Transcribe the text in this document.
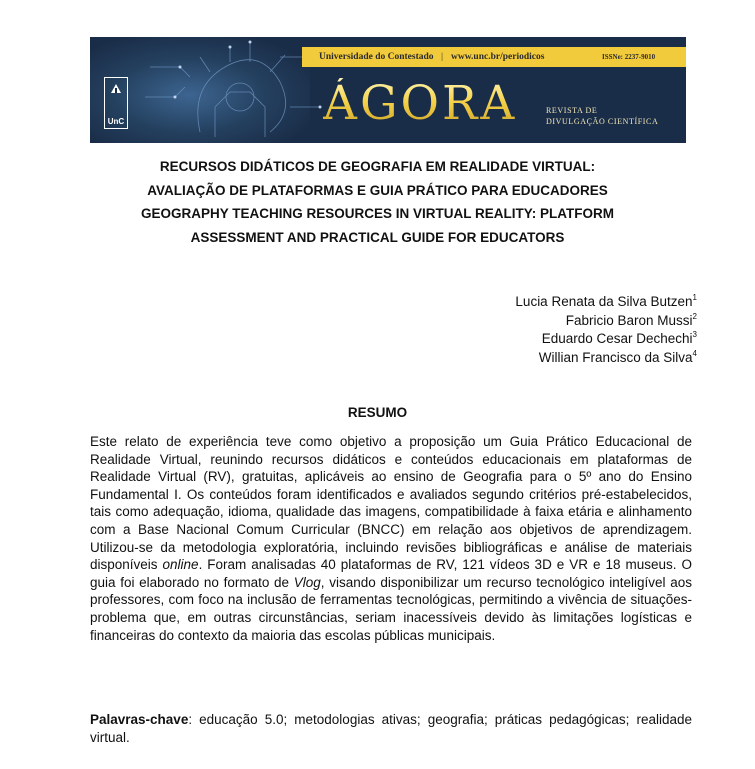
UnC
Universidade do Contestado | www.unc.br/periodicos	ISSNe: 2237-9010
ÁGORA	REVISTA DE
DIVULGAÇÃO CIENTÍFICA
RECURSOS DIDÁTICOS DE GEOGRAFIA EM REALIDADE VIRTUAL:
AVALIAÇÃO DE PLATAFORMAS E GUIA PRÁTICO PARA EDUCADORES
GEOGRAPHY TEACHING RESOURCES IN VIRTUAL REALITY: PLATFORM
ASSESSMENT AND PRACTICAL GUIDE FOR EDUCATORS
Lucia Renata da Silva Butzen$^1$
Fabricio Baron Mussi$^2$
Eduardo Cesar Dechechi$^3$
Willian Francisco da Silva$^4$
RESUMO

Este relato de experiência teve como objetivo a proposição um Guia Prático Educacional de Realidade Virtual, reunindo recursos didáticos e conteúdos educacionais em plataformas de Realidade Virtual (RV), gratuitas, aplicáveis ao ensino de Geografia para o 5º ano do Ensino Fundamental I. Os conteúdos foram identificados e avaliados segundo critérios pré-estabelecidos, tais como adequação, idioma, qualidade das imagens, compatibilidade à faixa etária e alinhamento com a Base Nacional Comum Curricular (BNCC) em relação aos objetivos de aprendizagem. Utilizou-se da metodologia exploratória, incluindo revisões bibliográficas e análise de materiais disponíveis online. Foram analisadas 40 plataformas de RV, 121 vídeos 3D e VR e 18 museus. O guia foi elaborado no formato de Vlog, visando disponibilizar um recurso tecnológico inteligível aos professores, com foco na inclusão de ferramentas tecnológicas, permitindo a vivência de situações-problema que, em outras circunstâncias, seriam inacessíveis devido às limitações logísticas e financeiras do contexto da maioria das escolas públicas municipais.

Palavras-chave: educação 5.0; metodologias ativas; geografia; práticas pedagógicas; realidade virtual.
